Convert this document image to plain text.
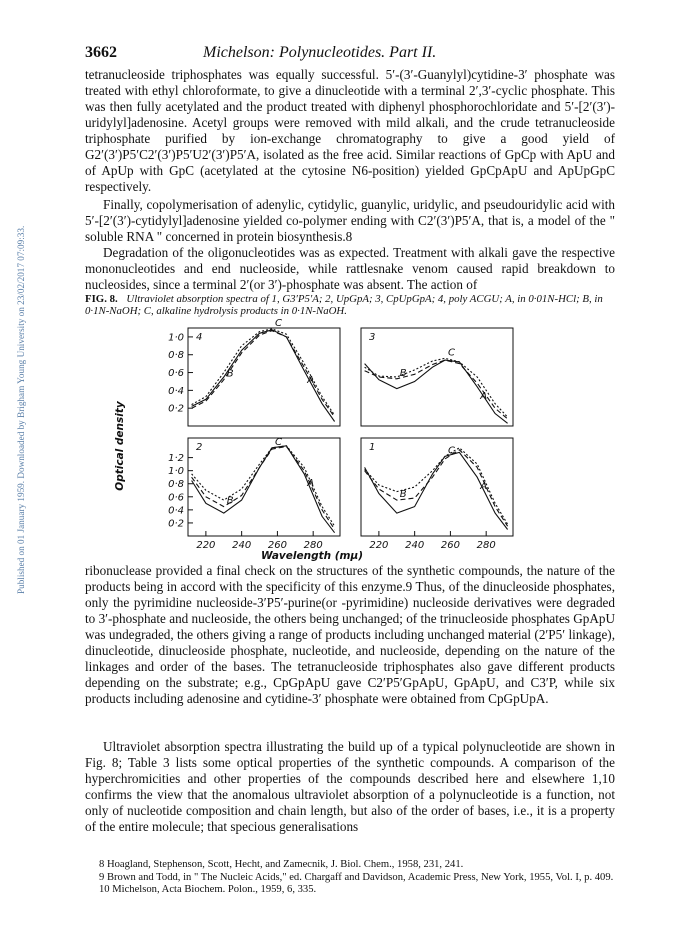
Published on 01 January 1959. Downloaded by Brigham Young University on 23/02/2017 07:09:33.
3662	Michelson: Polynucleotides. Part II.

tetranucleoside triphosphates was equally successful. 5′-(3′-Guanylyl)cytidine-3′ phosphate was treated with ethyl chloroformate, to give a dinucleotide with a terminal 2′,3′-cyclic phosphate. This was then fully acetylated and the product treated with diphenyl phosphorochloridate and 5′-[2′(3′)-uridylyl]adenosine. Acetyl groups were removed with mild alkali, and the crude tetranucleoside triphosphate purified by ion-exchange chromatography to give a good yield of G2′(3′)P5′C2′(3′)P5′U2′(3′)P5′A, isolated as the free acid. Similar reactions of GpCp with ApU and of ApUp with GpC (acetylated at the cytosine N6-position) yielded GpCpApU and ApUpGpC respectively.

Finally, copolymerisation of adenylic, cytidylic, guanylic, uridylic, and pseudouridylic acid with 5′-[2′(3′)-cytidylyl]adenosine yielded co-polymer ending with C2′(3′)P5′A, that is, a model of the " soluble RNA " concerned in protein biosynthesis.8

Degradation of the oligonucleotides was as expected. Treatment with alkali gave the respective mononucleotides and end nucleoside, while rattlesnake venom caused rapid breakdown to nucleosides, since a terminal 2′(or 3′)-phosphate was absent. The action of

FIG. 8. Ultraviolet absorption spectra of 1, G3′P5′A; 2, UpGpA; 3, CpUpGpA; 4, poly ACGU; A, in 0·01N-HCl; B, in 0·1N-NaOH; C, alkaline hydrolysis products in 0·1N-NaOH.
Optical density
Wavelength (mμ)
4
A
B
C
3
A
B
C
2
A
B
C	1
A
B
C
1·0
0·8
0·6
0·4
0·2
1·2
1·0
0·8
0·6
0·4
0·2
220 240 260 280	220 240 260 280

ribonuclease provided a final check on the structures of the synthetic compounds, the nature of the products being in accord with the specificity of this enzyme.9 Thus, of the dinucleoside phosphates, only the pyrimidine nucleoside-3′P5′-purine(or -pyrimidine) nucleoside derivatives were degraded to 3′-phosphate and nucleoside, the others being unchanged; of the trinucleoside phosphates GpApU was undegraded, the others giving a range of products including unchanged material (2′P5′ linkage), dinucleotide, dinucleoside phosphate, nucleotide, and nucleoside, depending on the nature of the linkages and order of the bases. The tetranucleoside triphosphates also gave different products depending on the substrate; e.g., CpGpApU gave C2′P5′GpApU, GpApU, and C3′P, while six products including adenosine and cytidine-3′ phosphate were obtained from CpGpUpA.

Ultraviolet absorption spectra illustrating the build up of a typical polynucleotide are shown in Fig. 8; Table 3 lists some optical properties of the synthetic compounds. A comparison of the hyperchromicities and other properties of the compounds described here and elsewhere 1,10 confirms the view that the anomalous ultraviolet absorption of a polynucleotide is a function, not only of nucleotide composition and chain length, but also of the order of bases, i.e., it is a property of the entire molecule; that specious generalisations

8 Hoagland, Stephenson, Scott, Hecht, and Zamecnik, J. Biol. Chem., 1958, 231, 241.

9 Brown and Todd, in " The Nucleic Acids," ed. Chargaff and Davidson, Academic Press, New York, 1955, Vol. I, p. 409.

10 Michelson, Acta Biochem. Polon., 1959, 6, 335.
